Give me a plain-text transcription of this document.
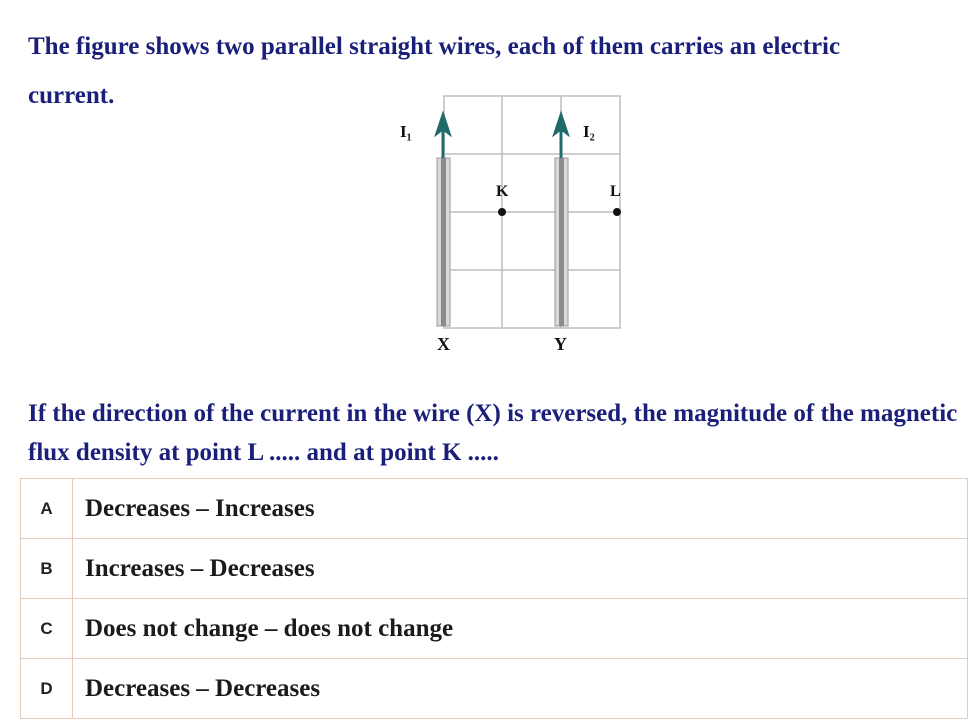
The figure shows two parallel straight wires, each of them carries an electric current.

I₁	I₂
K	L
X	Y

If the direction of the current in the wire (X) is reversed, the magnitude of the magnetic flux density at point L ..... and at point K .....

A	Decreases – Increases
B	Increases – Decreases
C	Does not change – does not change
D	Decreases – Decreases
